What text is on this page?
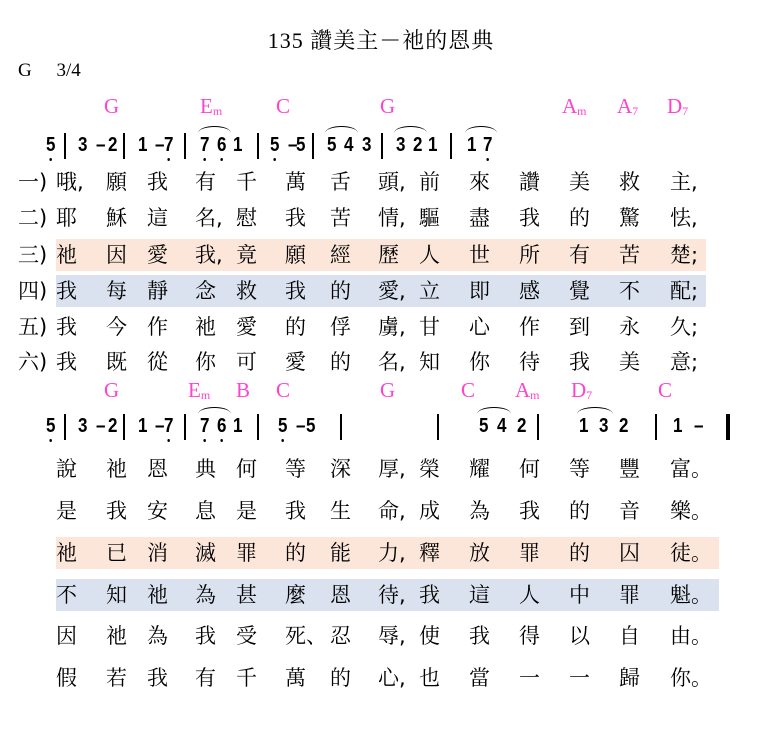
135 讚美主－祂的恩典
G 3/4
G	$E_m$	C	G	$A_m$ $A_7$ $D_7$
5 3 – 2 1 – 7 7 6 1 5 –
5 5 4 3 3 2 1 1 7
一) 哦, 願 我 有 千 萬 舌 頭, 前 來 讚 美 救 主,
二) 耶 穌 這 名, 慰 我 苦 情, 驅 盡 我 的 驚 怯,
三) 祂 因 愛 我, 竟 願 經 歷 人 世 所 有 苦 楚;
四) 我 每 靜 念 救 我 的 愛, 立 即 感 覺 不 配;
五) 我 今 作 祂 愛 的 俘 虜, 甘 心 作 到 永 久;
六) 我 既 從 你 可 愛 的 名, 知 你 待 我 美 意;
G	$E_m$ B C	G	C $A_m$ $D_7$	C
5 3 – 2 1 – 7 7 6 1 5 – 5	5 4 2	1 3 2 1 –
說 祂 恩 典 何 等 深 厚, 榮 耀 何 等 豐 富。
是 我 安 息 是 我 生 命, 成 為 我 的 音 樂。
祂 已 消 滅 罪 的 能 力, 釋 放 罪 的 囚 徒。
不 知 祂 為 甚 麼 恩 待, 我 這 人 中 罪 魁。
因 祂 為 我 受 死、 忍 辱, 使 我 得 以 自 由。
假 若 我 有 千 萬 的 心, 也 當 一 一 歸 你。
